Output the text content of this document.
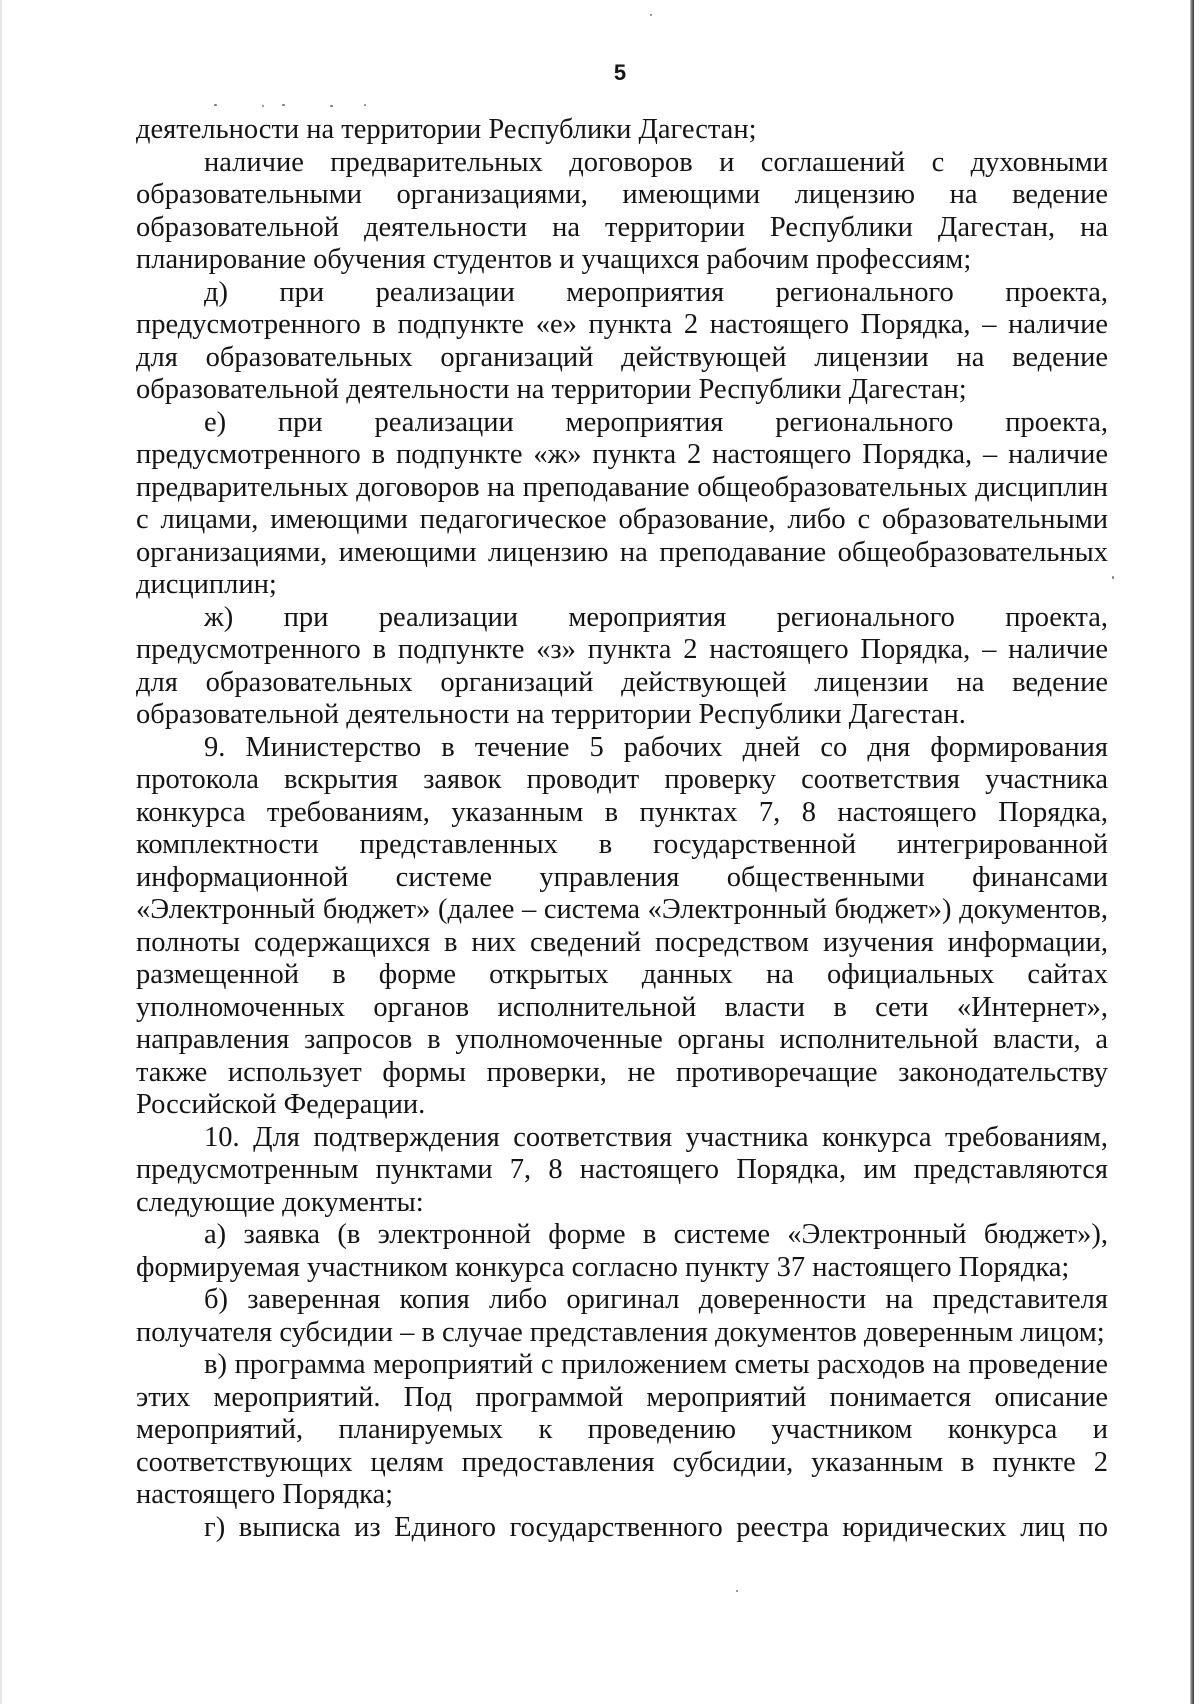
5
деятельности на территории Республики Дагестан;
наличие предварительных договоров и соглашений с духовными
образовательными организациями, имеющими лицензию на ведение
образовательной деятельности на территории Республики Дагестан, на
планирование обучения студентов и учащихся рабочим профессиям;
д) при реализации мероприятия регионального проекта,
предусмотренного в подпункте «е» пункта 2 настоящего Порядка, – наличие
для образовательных организаций действующей лицензии на ведение
образовательной деятельности на территории Республики Дагестан;
е) при реализации мероприятия регионального проекта,
предусмотренного в подпункте «ж» пункта 2 настоящего Порядка, – наличие
предварительных договоров на преподавание общеобразовательных дисциплин
с лицами, имеющими педагогическое образование, либо с образовательными
организациями, имеющими лицензию на преподавание общеобразовательных
дисциплин;
ж) при реализации мероприятия регионального проекта,
предусмотренного в подпункте «з» пункта 2 настоящего Порядка, – наличие
для образовательных организаций действующей лицензии на ведение
образовательной деятельности на территории Республики Дагестан.
9. Министерство в течение 5 рабочих дней со дня формирования
протокола вскрытия заявок проводит проверку соответствия участника
конкурса требованиям, указанным в пунктах 7, 8 настоящего Порядка,
комплектности представленных в государственной интегрированной
информационной системе управления общественными финансами
«Электронный бюджет» (далее – система «Электронный бюджет») документов,
полноты содержащихся в них сведений посредством изучения информации,
размещенной в форме открытых данных на официальных сайтах
уполномоченных органов исполнительной власти в сети «Интернет»,
направления запросов в уполномоченные органы исполнительной власти, а
также использует формы проверки, не противоречащие законодательству
Российской Федерации.
10. Для подтверждения соответствия участника конкурса требованиям,
предусмотренным пунктами 7, 8 настоящего Порядка, им представляются
следующие документы:
а) заявка (в электронной форме в системе «Электронный бюджет»),
формируемая участником конкурса согласно пункту 37 настоящего Порядка;
б) заверенная копия либо оригинал доверенности на представителя
получателя субсидии – в случае представления документов доверенным лицом;
в) программа мероприятий с приложением сметы расходов на проведение
этих мероприятий. Под программой мероприятий понимается описание
мероприятий, планируемых к проведению участником конкурса и
соответствующих целям предоставления субсидии, указанным в пункте 2
настоящего Порядка;
г) выписка из Единого государственного реестра юридических лиц по
